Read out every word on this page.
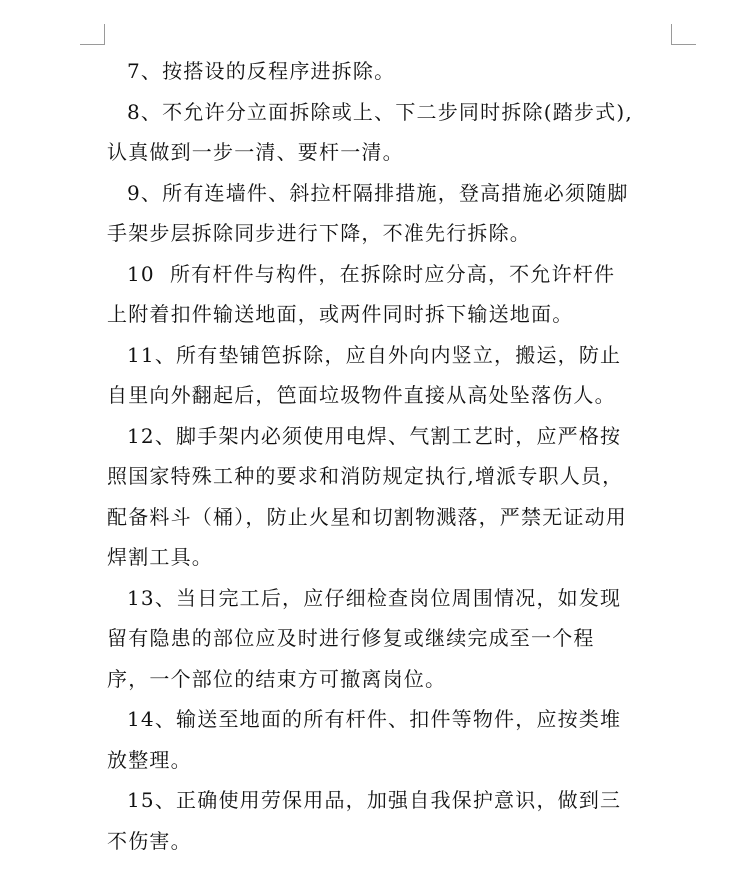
7、按搭设的反程序进拆除。
8、不允许分立面拆除或上、下二步同时拆除(踏步式),
认真做到一步一清、要杆一清。
9、所有连墙件、斜拉杆隔排措施，登高措施必须随脚
手架步层拆除同步进行下降，不准先行拆除。
10  所有杆件与构件，在拆除时应分高，不允许杆件
上附着扣件输送地面，或两件同时拆下输送地面。
11、所有垫铺笆拆除，应自外向内竖立，搬运，防止
自里向外翻起后，笆面垃圾物件直接从高处坠落伤人。
12、脚手架内必须使用电焊、气割工艺时，应严格按
照国家特殊工种的要求和消防规定执行,增派专职人员，
配备料斗（桶），防止火星和切割物溅落，严禁无证动用
焊割工具。
13、当日完工后，应仔细检查岗位周围情况，如发现
留有隐患的部位应及时进行修复或继续完成至一个程
序，一个部位的结束方可撤离岗位。
14、输送至地面的所有杆件、扣件等物件，应按类堆
放整理。
15、正确使用劳保用品，加强自我保护意识，做到三
不伤害。
